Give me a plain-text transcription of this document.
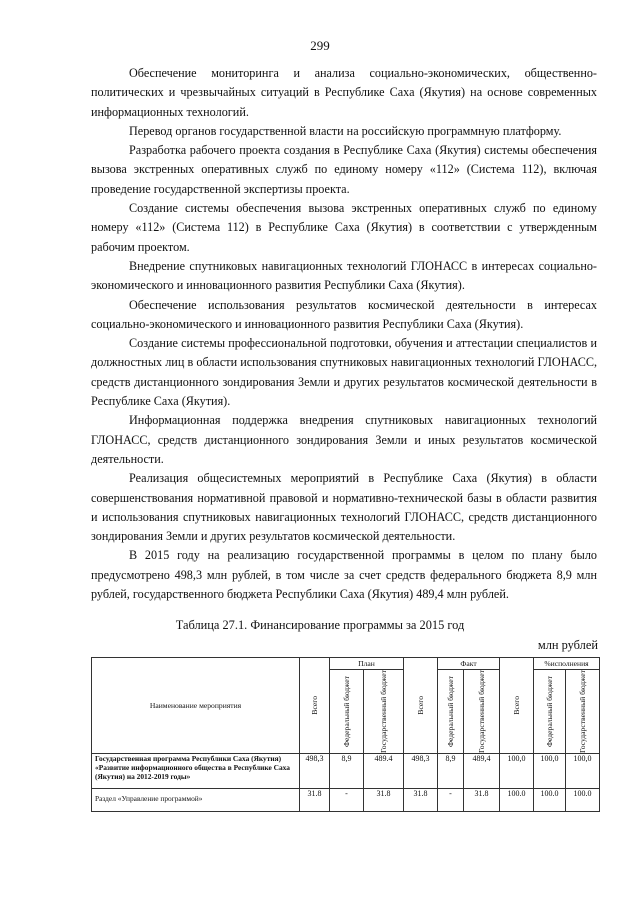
299

Обеспечение мониторинга и анализа социально-экономических, общественно-политических и чрезвычайных ситуаций в Республике Саха (Якутия) на основе современных информационных технологий.

Перевод органов государственной власти на российскую программную платформу.

Разработка рабочего проекта создания в Республике Саха (Якутия) системы обеспечения вызова экстренных оперативных служб по единому номеру «112» (Система 112), включая проведение государственной экспертизы проекта.

Создание системы обеспечения вызова экстренных оперативных служб по единому номеру «112» (Система 112) в Республике Саха (Якутия) в соответствии с утвержденным рабочим проектом.

Внедрение спутниковых навигационных технологий ГЛОНАСС в интересах социально-экономического и инновационного развития Республики Саха (Якутия).

Обеспечение использования результатов космической деятельности в интересах социально-экономического и инновационного развития Республики Саха (Якутия).

Создание системы профессиональной подготовки, обучения и аттестации специалистов и должностных лиц в области использования спутниковых навигационных технологий ГЛОНАСС, средств дистанционного зондирования Земли и других результатов космической деятельности в Республике Саха (Якутия).

Информационная поддержка внедрения спутниковых навигационных технологий ГЛОНАСС, средств дистанционного зондирования Земли и иных результатов космической деятельности.

Реализация общесистемных мероприятий в Республике Саха (Якутия) в области совершенствования нормативной правовой и нормативно-технической базы в области развития и использования спутниковых навигационных технологий ГЛОНАСС, средств дистанционного зондирования Земли и других результатов космической деятельности.

В 2015 году на реализацию государственной программы в целом по плану было предусмотрено 498,3 млн рублей, в том числе за счет средств федерального бюджета 8,9 млн рублей, государственного бюджета Республики Саха (Якутия) 489,4 млн рублей.

Таблица 27.1. Финансирование программы за 2015 год
млн рублей
Наименование мероприятия	Всего	План		Всего	Факт		Всего	%исполнения	

		Федеральный бюджет	Государственный бюджет		Федеральный бюджет	Государственный бюджет		Федеральный бюджет	Государственный бюджет

Государственная программа Республики Саха (Якутия) «Развитие информационного общества в Республике Саха (Якутия) на 2012-2019 годы»	498,3	8,9	489.4	498,3	8,9	489,4	100,0	100,0	100,0
Раздел «Управление программой»	31.8	-	31.8	31.8	-	31.8	100.0	100.0	100.0
